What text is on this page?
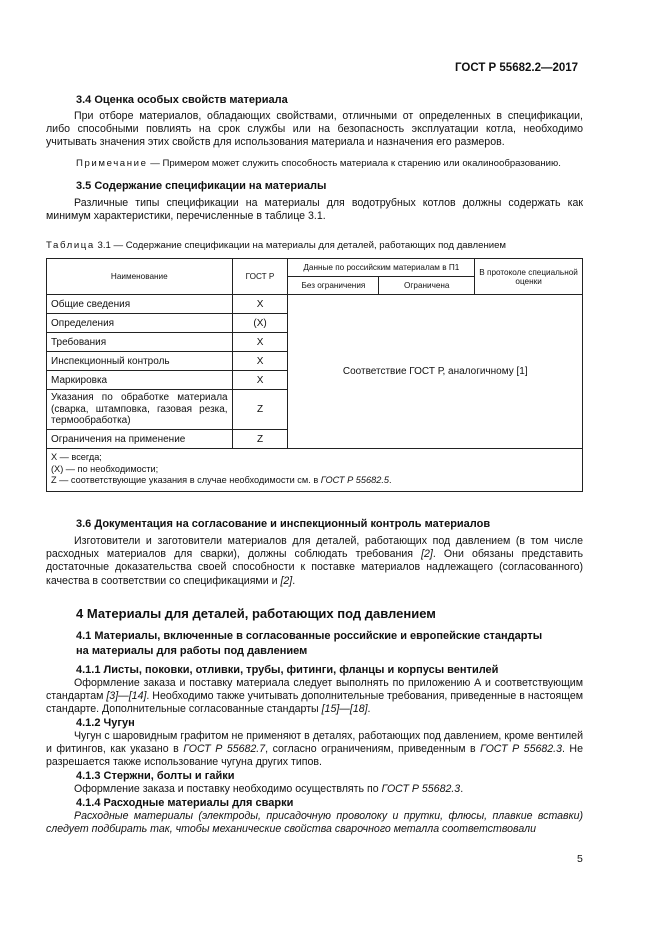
ГОСТ Р 55682.2—2017
3.4 Оценка особых свойств материала

При отборе материалов, обладающих свойствами, отличными от определенных в спецификации, либо способными повлиять на срок службы или на безопасность эксплуатации котла, необходимо учитывать значения этих свойств для использования материала и назначения его размеров.

Примечание — Примером может служить способность материала к старению или окалинообразованию.
3.5 Содержание спецификации на материалы

Различные типы спецификации на материалы для водотрубных котлов должны содержать как минимум характеристики, перечисленные в таблице 3.1.

Таблица 3.1 — Содержание спецификации на материалы для деталей, работающих под давлением
Наименование	ГОСТ Р	Данные по российским материалам в П1		В протоколе специальной оценки
		Без ограничения	Ограничена	
Общие сведения	X	Соответствие ГОСТ Р, аналогичному [1]		
Определения	(X)			
Требования	X			
Инспекционный контроль	X			
Маркировка	X			
Указания по обработке материала (сварка, штамповка, газовая резка, термообработка)	Z			
Ограничения на применение	Z			

X — всегда;
(X) — по необходимости;
Z — соответствующие указания в случае необходимости см. в ГОСТ Р 55682.5.				
3.6 Документация на согласование и инспекционный контроль материалов

Изготовители и заготовители материалов для деталей, работающих под давлением (в том числе расходных материалов для сварки), должны соблюдать требования [2]. Они обязаны представить достаточные доказательства своей способности к поставке материалов надлежащего (согласованного) качества в соответствии со спецификациями и [2].

4 Материалы для деталей, работающих под давлением
4.1 Материалы, включенные в согласованные российские и европейские стандарты
на материалы для работы под давлением
4.1.1 Листы, поковки, отливки, трубы, фитинги, фланцы и корпусы вентилей

Оформление заказа и поставку материала следует выполнять по приложению А и соответствующим стандартам [3]—[14]. Необходимо также учитывать дополнительные требования, приведенные в настоящем стандарте. Дополнительные согласованные стандарты [15]—[18].

4.1.2 Чугун

Чугун с шаровидным графитом не применяют в деталях, работающих под давлением, кроме вентилей и фитингов, как указано в ГОСТ Р 55682.7, согласно ограничениям, приведенным в ГОСТ Р 55682.3. Не разрешается также использование чугуна других типов.

4.1.3 Стержни, болты и гайки

Оформление заказа и поставку необходимо осуществлять по ГОСТ Р 55682.3.

4.1.4 Расходные материалы для сварки

Расходные материалы (электроды, присадочную проволоку и прутки, флюсы, плавкие вставки) следует подбирать так, чтобы механические свойства сварочного металла соответствовали

5
